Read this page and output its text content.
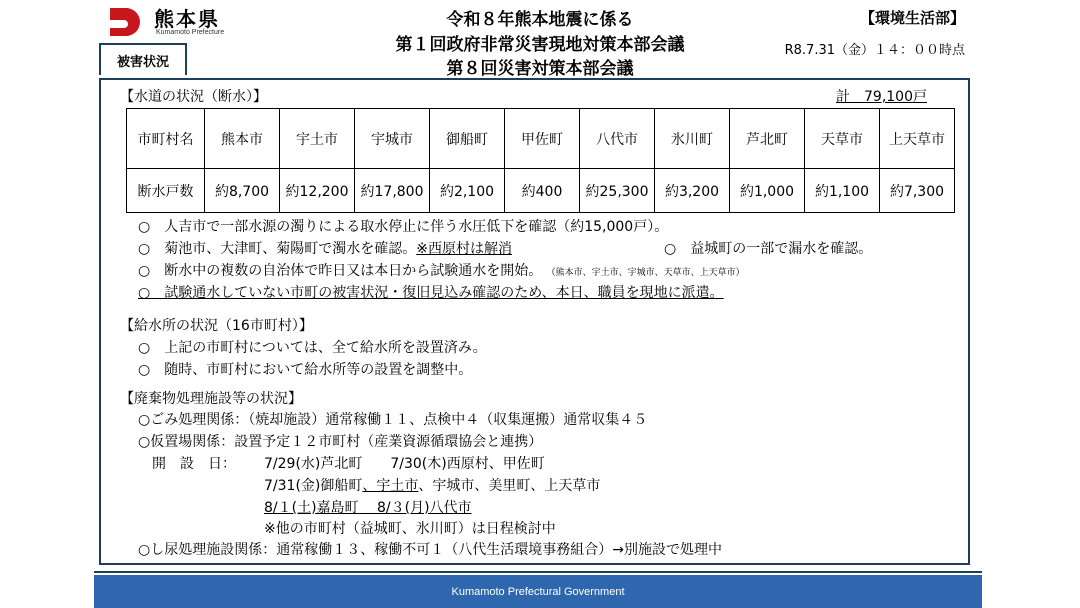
熊本県
Kumamoto Prefecture
令和８年熊本地震に係る
第１回政府非常災害現地対策本部会議
第８回災害対策本部会議
【環境生活部】
R8.7.31（金）１４：００時点
被害状況
【水道の状況（断水）】	計　79,100戸
市町村名	熊本市	宇土市	宇城市	御船町	甲佐町	八代市	氷川町	芦北町	天草市	上天草市
断水戸数	約8,700	約12,200	約17,800	約2,100	約400	約25,300	約3,200	約1,000	約1,100	約7,300
○　人吉市で一部水源の濁りによる取水停止に伴う水圧低下を確認（約15,000戸）。
○　菊池市、大津町、菊陽町で濁水を確認。※西原村は解消	○　益城町の一部で漏水を確認。
○　断水中の複数の自治体で昨日又は本日から試験通水を開始。 （熊本市、宇土市、宇城市、天草市、上天草市）
○　試験通水していない市町の被害状況・復旧見込み確認のため、本日、職員を現地に派遣。
【給水所の状況（16市町村）】
○　上記の市町村については、全て給水所を設置済み。
○　随時、市町村において給水所等の設置を調整中。
【廃棄物処理施設等の状況】
○ごみ処理関係：（焼却施設）通常稼働１１、点検中４（収集運搬）通常収集４５
○仮置場関係：設置予定１２市町村（産業資源循環協会と連携）
開　設　日： 7/29(水)芦北町　　7/30(木)西原村、甲佐町
7/31(金)御船町、宇土市、宇城市、美里町、上天草市
8/１(土)嘉島町　 8/３(月)八代市
※他の市町村（益城町、氷川町）は日程検討中
○し尿処理施設関係：通常稼働１３、稼働不可１（八代生活環境事務組合）→別施設で処理中
Kumamoto Prefectural Government
